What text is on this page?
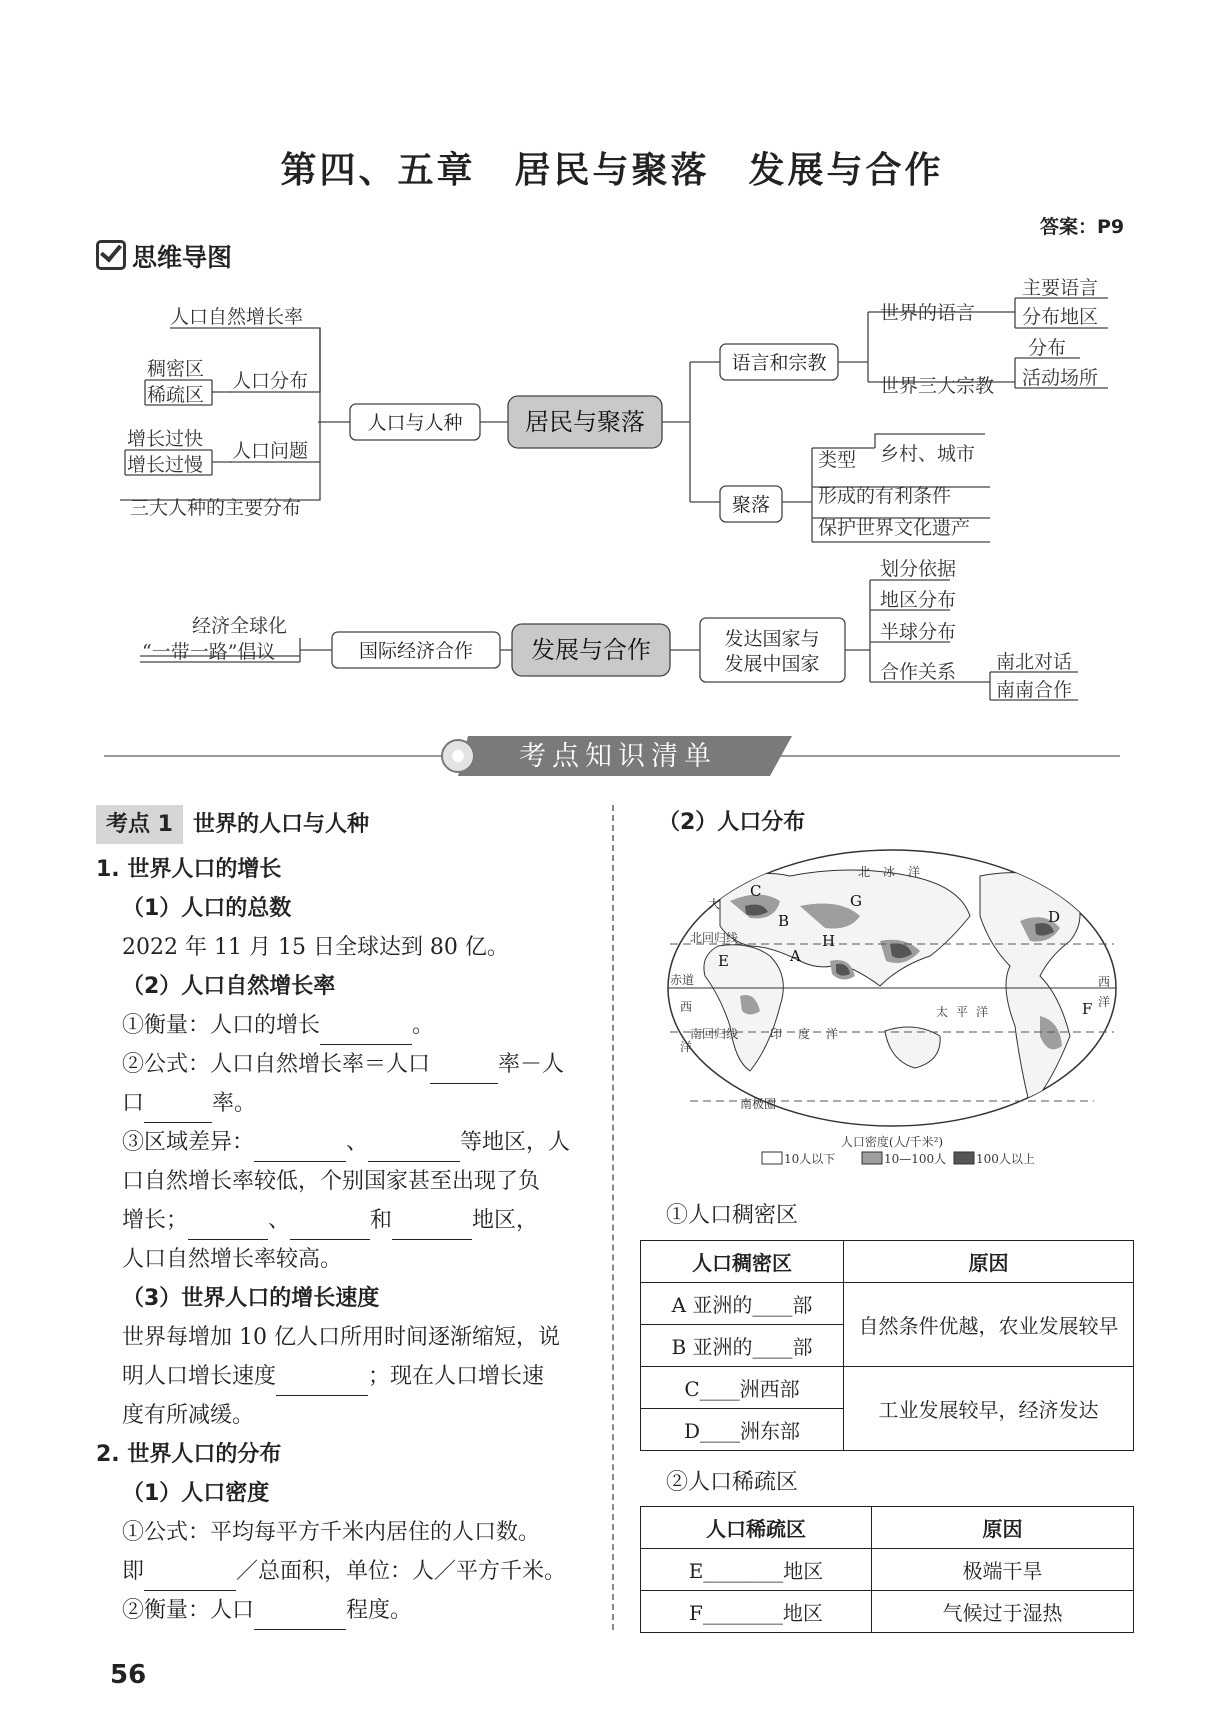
第四、五章　居民与聚落　发展与合作
答案：P9
思维导图
居民与聚落
发展与合作
人口与人种
语言和宗教
聚落
国际经济合作
发达国家与
发展中国家
人口自然增长率
人口分布
稠密区
稀疏区
人口问题
增长过快
增长过慢
三大人种的主要分布
世界的语言
主要语言
分布地区
世界三大宗教
分布
活动场所
类型 乡村、城市
形成的有利条件
保护世界文化遗产
经济全球化
“一带一路”倡议
划分依据
地区分布
半球分布
合作关系 南北对话
南南合作
考点知识清单

考点 1 世界的人口与人种

1. 世界人口的增长

（1）人口的总数

2022 年 11 月 15 日全球达到 80 亿。

（2）人口自然增长率

①衡量：人口的增长	。

②公式：人口自然增长率＝人口	率－人

口	率。

③区域差异：	、	等地区，人

口自然增长率较低，个别国家甚至出现了负

增长；	、	和	地区，

人口自然增长率较高。

（3）世界人口的增长速度

世界每增加 10 亿人口所用时间逐渐缩短，说

明人口增长速度	；现在人口增长速

度有所减缓。

2. 世界人口的分布

（1）人口密度

①公式：平均每平方千米内居住的人口数。

即	／总面积，单位：人／平方千米。

②衡量：人口	程度。

（2）人口分布
北 冰 洋
大
西
洋
太 平 洋
印 度 洋
西
洋
北回归线
赤道
南回归线
南极圈
A
B
C
D
E
F
G
H
人口密度(人/千米²)
10人以下	10—100人 100人以上
①人口稠密区
人口稠密区	原因
A 亚洲的____部	自然条件优越，农业发展较早
B 亚洲的____部	
C____洲西部	工业发展较早，经济发达
D____洲东部	
②人口稀疏区
人口稀疏区	原因
E________地区	极端干旱
F________地区	气候过于湿热
56
